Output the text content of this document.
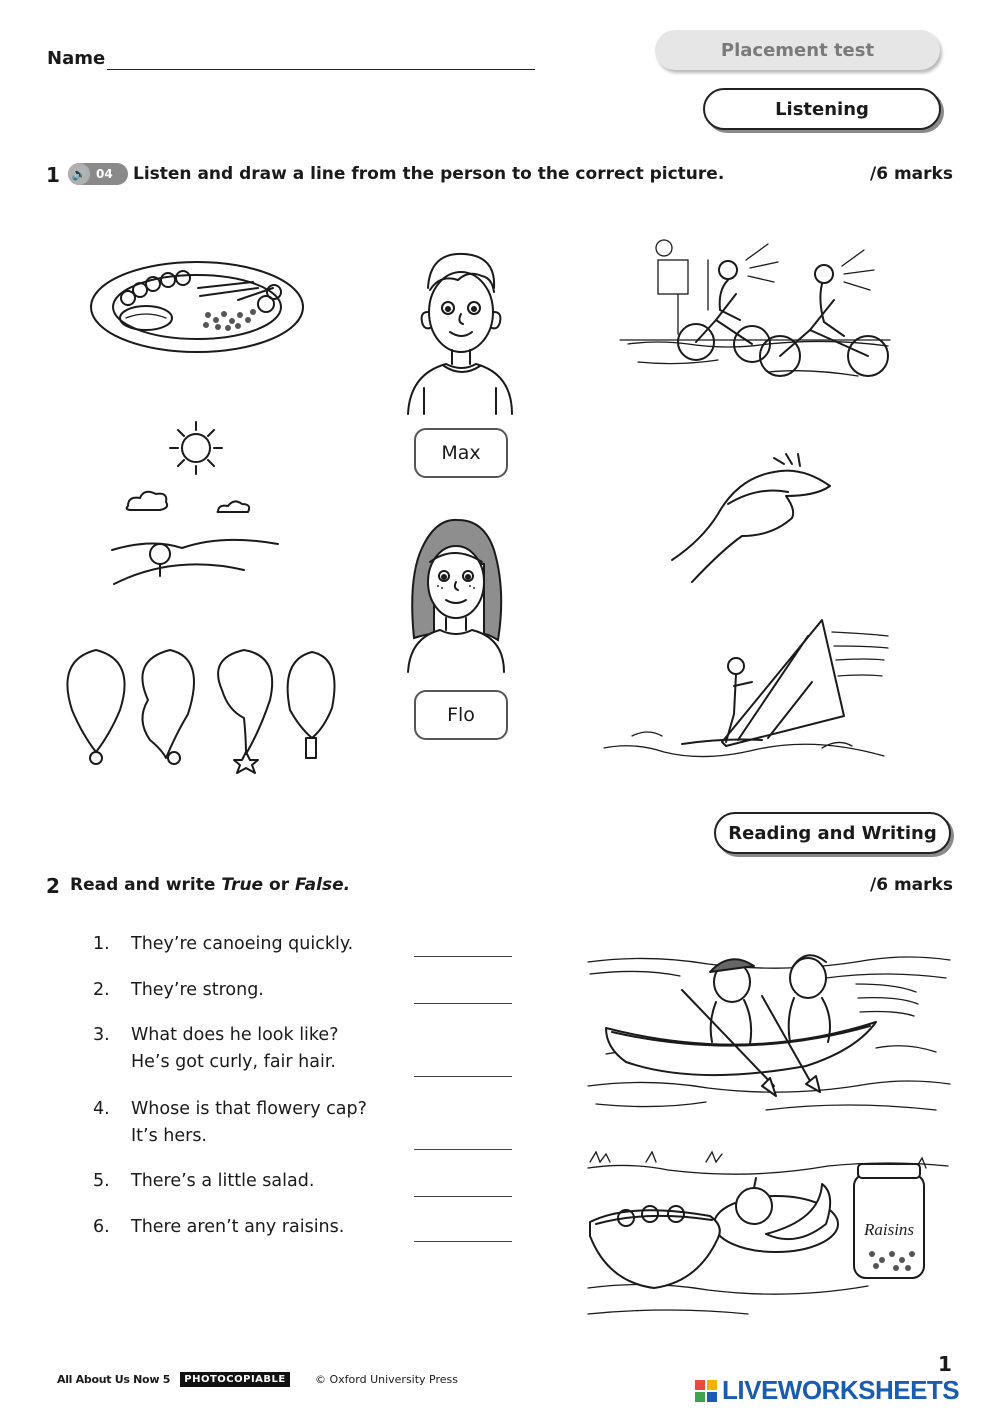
Name	Placement test
Listening
1 🔊 04 Listen and draw a line from the person to the correct picture.	/6 marks
Max
Flo
Reading and Writing
2 Read and write True or False.	/6 marks
1. They’re canoeing quickly.
2. They’re strong.
3. What does he look like?
He’s got curly, fair hair.
4. Whose is that flowery cap?
It’s hers.
5. There’s a little salad.
6. There aren’t any raisins.	Raisins
All About Us Now 5	PHOTOCOPIABLE	© Oxford University Press
1
LIVEWORKSHEETS
